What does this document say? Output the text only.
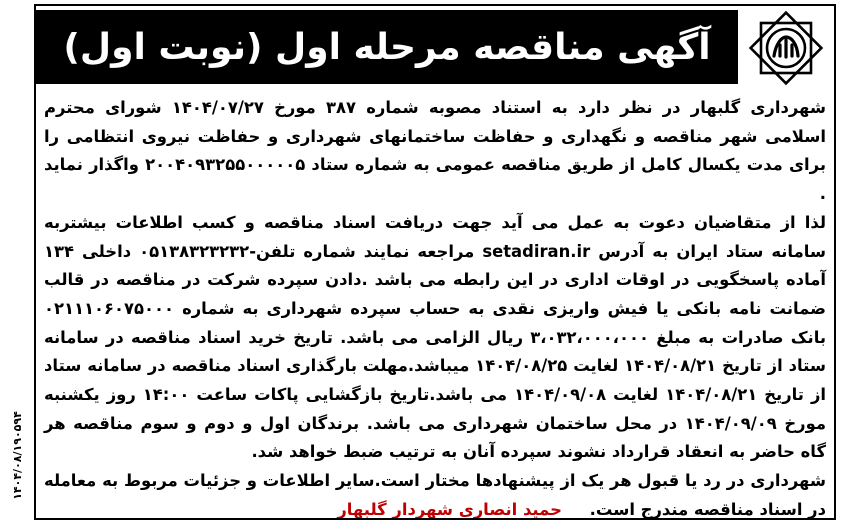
آگهی مناقصه مرحله اول (نوبت اول)

شهرداری گلبهار در نظر دارد به استناد مصوبه شماره ۳۸۷ مورخ ۱۴۰۴/۰۷/۲۷ شورای محترم اسلامی شهر مناقصه و نگهداری و حفاظت ساختمانهای شهرداری و حفاظت نیروی انتظامی را برای مدت یکسال کامل از طریق مناقصه عمومی به شماره ستاد ۲۰۰۴۰۹۳۲۵۵۰۰۰۰۰۵ واگذار نماید .

لذا از متقاضیان دعوت به عمل می آید جهت دریافت اسناد مناقصه و کسب اطلاعات بیشتربه سامانه ستاد ایران به آدرس setadiran.ir مراجعه نمایند شماره تلفن-۰۵۱۳۸۳۲۳۲۳۲ داخلی ۱۳۴ آماده پاسخگویی در اوقات اداری در این رابطه می باشد .دادن سپرده شرکت در مناقصه در قالب ضمانت نامه بانکی یا فیش واریزی نقدی به حساب سپرده شهرداری به شماره ۰۲۱۱۱۰۶۰۷۵۰۰۰ بانک صادرات به مبلغ ۳،۰۳۲،۰۰۰،۰۰۰ ریال الزامی می باشد. تاریخ خرید اسناد مناقصه در سامانه ستاد از تاریخ ۱۴۰۴/۰۸/۲۱ لغایت ۱۴۰۴/۰۸/۲۵ میباشد.مهلت بارگذاری اسناد مناقصه در سامانه ستاد از تاریخ ۱۴۰۴/۰۸/۲۱ لغایت ۱۴۰۴/۰۹/۰۸ می باشد.تاریخ بازگشایی پاکات ساعت ۱۴:۰۰ روز یکشنبه مورخ ۱۴۰۴/۰۹/۰۹ در محل ساختمان شهرداری می باشد. برندگان اول و دوم و سوم مناقصه هر گاه حاضر به انعقاد قرارداد نشوند سپرده آنان به ترتیب ضبط خواهد شد.

شهرداری در رد یا قبول هر یک از پیشنهادها مختار است.سایر اطلاعات و جزئیات مربوط به معامله در اسناد مناقصه مندرج است. حمید انصاری شهردار گلبهار

۱۴۰۴/۰۸/۱۹۰۵۹۴
